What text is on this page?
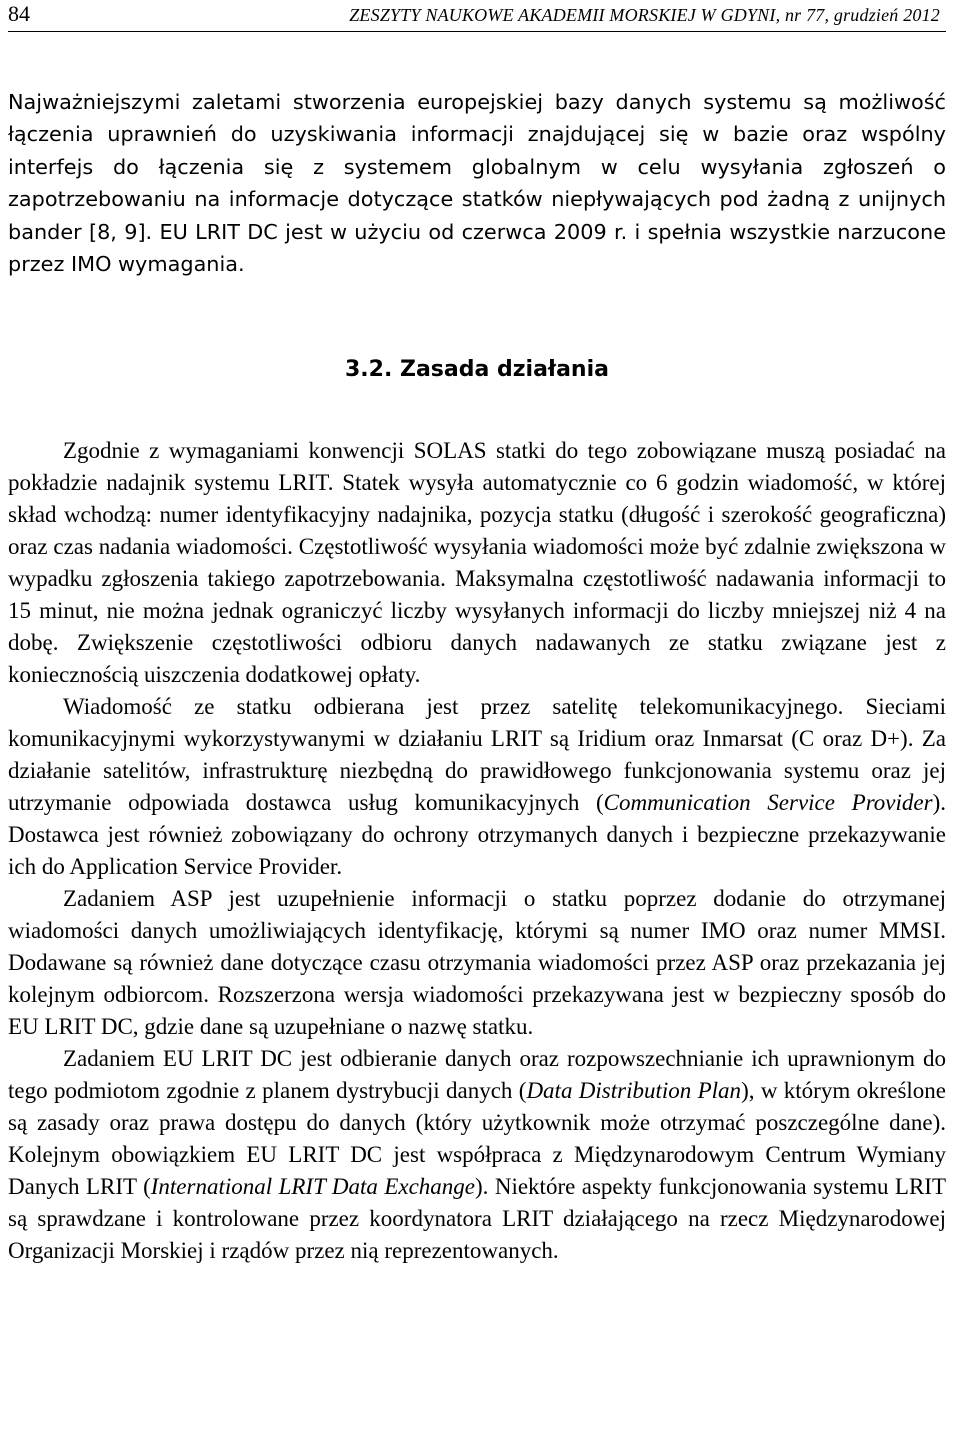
84	ZESZYTY NAUKOWE AKADEMII MORSKIEJ W GDYNI, nr 77, grudzień 2012

Najważniejszymi zaletami stworzenia europejskiej bazy danych systemu są możliwość łączenia uprawnień do uzyskiwania informacji znajdującej się w bazie oraz wspólny interfejs do łączenia się z systemem globalnym w celu wysyłania zgłoszeń o zapotrzebowaniu na informacje dotyczące statków niepływających pod żadną z unijnych bander [8, 9]. EU LRIT DC jest w użyciu od czerwca 2009 r. i spełnia wszystkie narzucone przez IMO wymagania.

3.2. Zasada działania

Zgodnie z wymaganiami konwencji SOLAS statki do tego zobowiązane muszą posiadać na pokładzie nadajnik systemu LRIT. Statek wysyła automatycznie co 6 godzin wiadomość, w której skład wchodzą: numer identyfikacyjny nadajnika, pozycja statku (długość i szerokość geograficzna) oraz czas nadania wiadomości. Częstotliwość wysyłania wiadomości może być zdalnie zwiększona w wypadku zgłoszenia takiego zapotrzebowania. Maksymalna częstotliwość nadawania informacji to 15 minut, nie można jednak ograniczyć liczby wysyłanych informacji do liczby mniejszej niż 4 na dobę. Zwiększenie częstotliwości odbioru danych nadawanych ze statku związane jest z koniecznością uiszczenia dodatkowej opłaty.

Wiadomość ze statku odbierana jest przez satelitę telekomunikacyjnego. Sieciami komunikacyjnymi wykorzystywanymi w działaniu LRIT są Iridium oraz Inmarsat (C oraz D+). Za działanie satelitów, infrastrukturę niezbędną do prawidłowego funkcjonowania systemu oraz jej utrzymanie odpowiada dostawca usług komunikacyjnych (Communication Service Provider). Dostawca jest również zobowiązany do ochrony otrzymanych danych i bezpieczne przekazywanie ich do Application Service Provider.

Zadaniem ASP jest uzupełnienie informacji o statku poprzez dodanie do otrzymanej wiadomości danych umożliwiających identyfikację, którymi są numer IMO oraz numer MMSI. Dodawane są również dane dotyczące czasu otrzymania wiadomości przez ASP oraz przekazania jej kolejnym odbiorcom. Rozszerzona wersja wiadomości przekazywana jest w bezpieczny sposób do EU LRIT DC, gdzie dane są uzupełniane o nazwę statku.

Zadaniem EU LRIT DC jest odbieranie danych oraz rozpowszechnianie ich uprawnionym do tego podmiotom zgodnie z planem dystrybucji danych (Data Distribution Plan), w którym określone są zasady oraz prawa dostępu do danych (który użytkownik może otrzymać poszczególne dane). Kolejnym obowiązkiem EU LRIT DC jest współpraca z Międzynarodowym Centrum Wymiany Danych LRIT (International LRIT Data Exchange). Niektóre aspekty funkcjonowania systemu LRIT są sprawdzane i kontrolowane przez koordynatora LRIT działającego na rzecz Międzynarodowej Organizacji Morskiej i rządów przez nią reprezentowanych.
